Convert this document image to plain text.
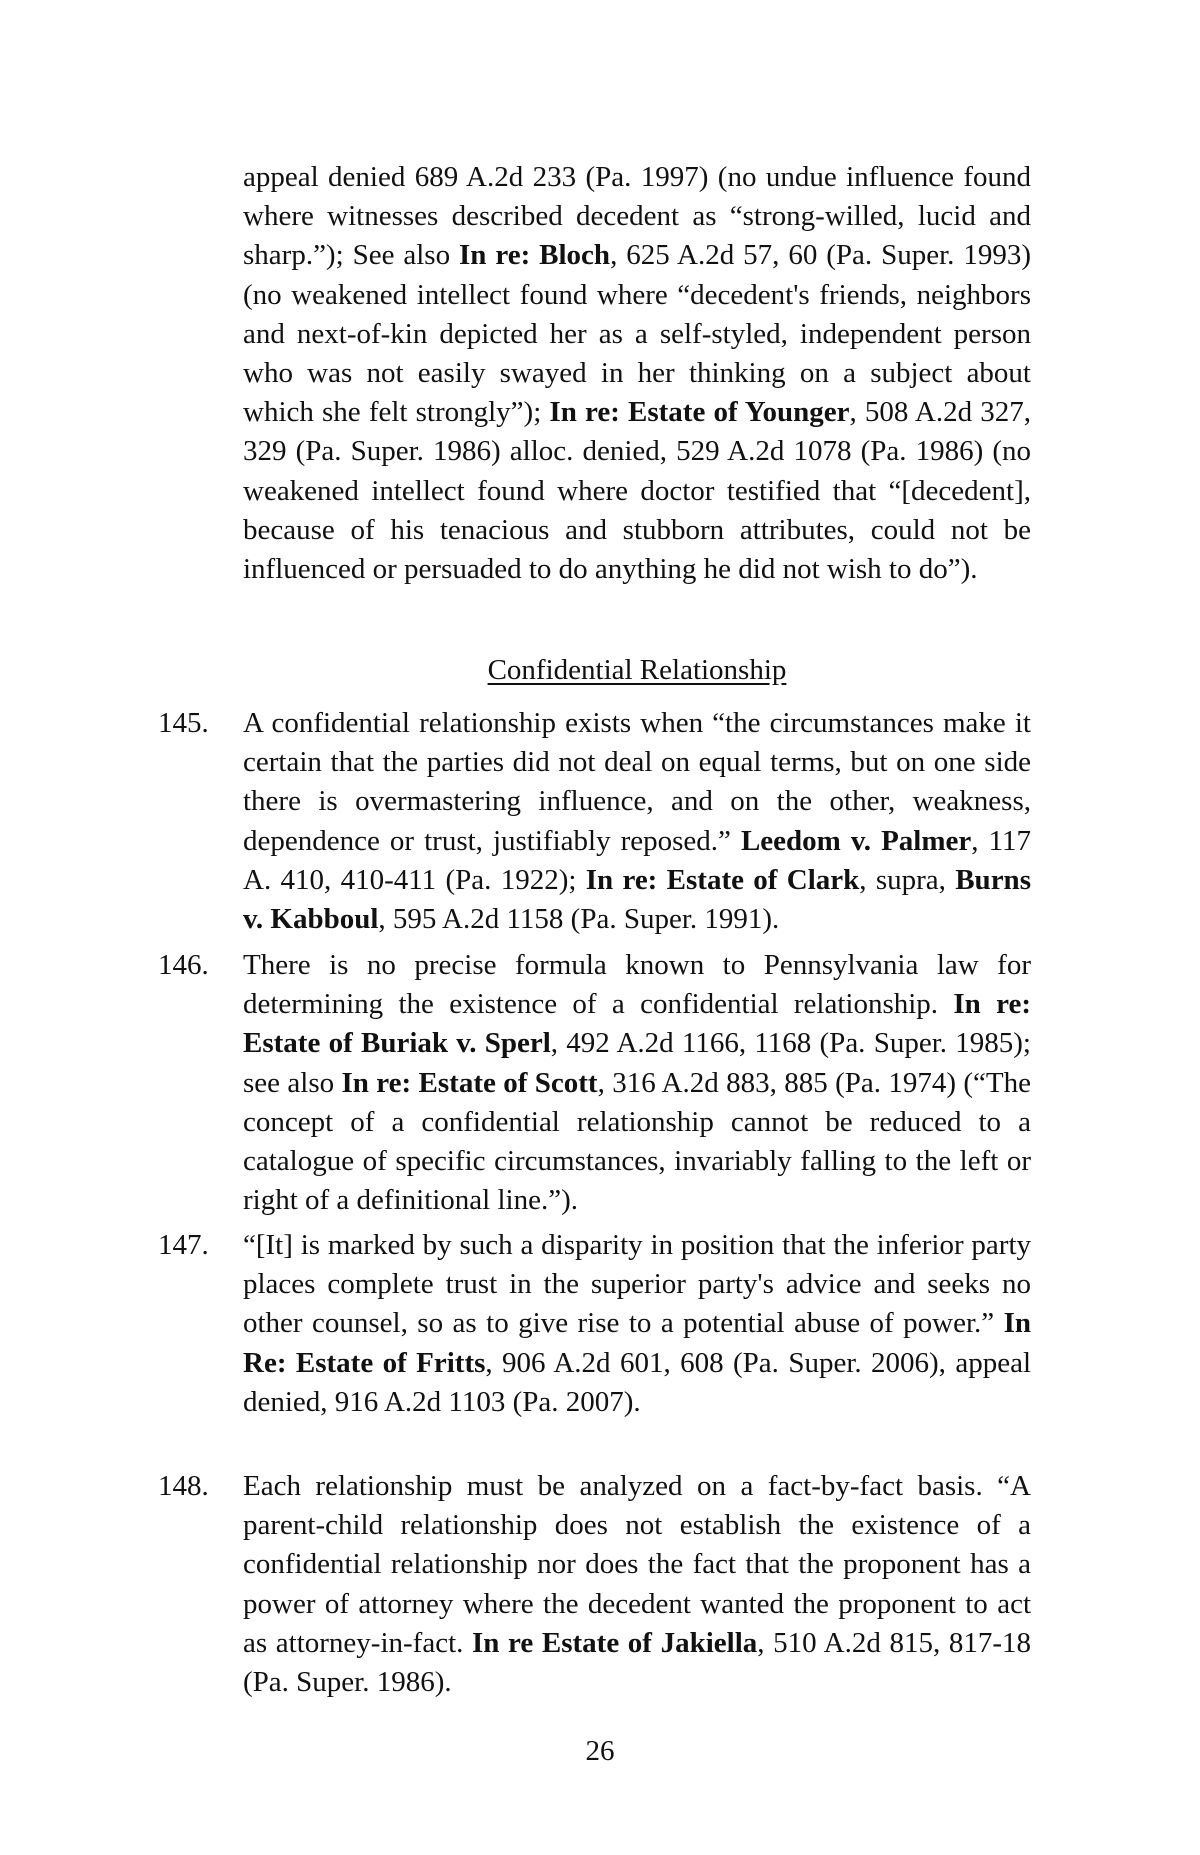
appeal denied 689 A.2d 233 (Pa. 1997) (no undue influence found where witnesses described decedent as “strong-willed, lucid and sharp.”); See also In re: Bloch, 625 A.2d 57, 60 (Pa. Super. 1993) (no weakened intellect found where “decedent's friends, neighbors and next-of-kin depicted her as a self-styled, independent person who was not easily swayed in her thinking on a subject about which she felt strongly”); In re: Estate of Younger, 508 A.2d 327, 329 (Pa. Super. 1986) alloc. denied, 529 A.2d 1078 (Pa. 1986) (no weakened intellect found where doctor testified that “[decedent], because of his tenacious and stubborn attributes, could not be influenced or persuaded to do anything he did not wish to do”).
Confidential Relationship
145. A confidential relationship exists when “the circumstances make it certain that the parties did not deal on equal terms, but on one side there is overmastering influence, and on the other, weakness, dependence or trust, justifiably reposed.” Leedom v. Palmer, 117 A. 410, 410-411 (Pa. 1922); In re: Estate of Clark, supra, Burns v. Kabboul, 595 A.2d 1158 (Pa. Super. 1991).
146. There is no precise formula known to Pennsylvania law for determining the existence of a confidential relationship. In re: Estate of Buriak v. Sperl, 492 A.2d 1166, 1168 (Pa. Super. 1985); see also In re: Estate of Scott, 316 A.2d 883, 885 (Pa. 1974) (“The concept of a confidential relationship cannot be reduced to a catalogue of specific circumstances, invariably falling to the left or right of a definitional line.”).
147. “[It] is marked by such a disparity in position that the inferior party places complete trust in the superior party's advice and seeks no other counsel, so as to give rise to a potential abuse of power.” In Re: Estate of Fritts, 906 A.2d 601, 608 (Pa. Super. 2006), appeal denied, 916 A.2d 1103 (Pa. 2007).
148. Each relationship must be analyzed on a fact-by-fact basis. “A parent-child relationship does not establish the existence of a confidential relationship nor does the fact that the proponent has a power of attorney where the decedent wanted the proponent to act as attorney-in-fact. In re Estate of Jakiella, 510 A.2d 815, 817-18 (Pa. Super. 1986).
26
